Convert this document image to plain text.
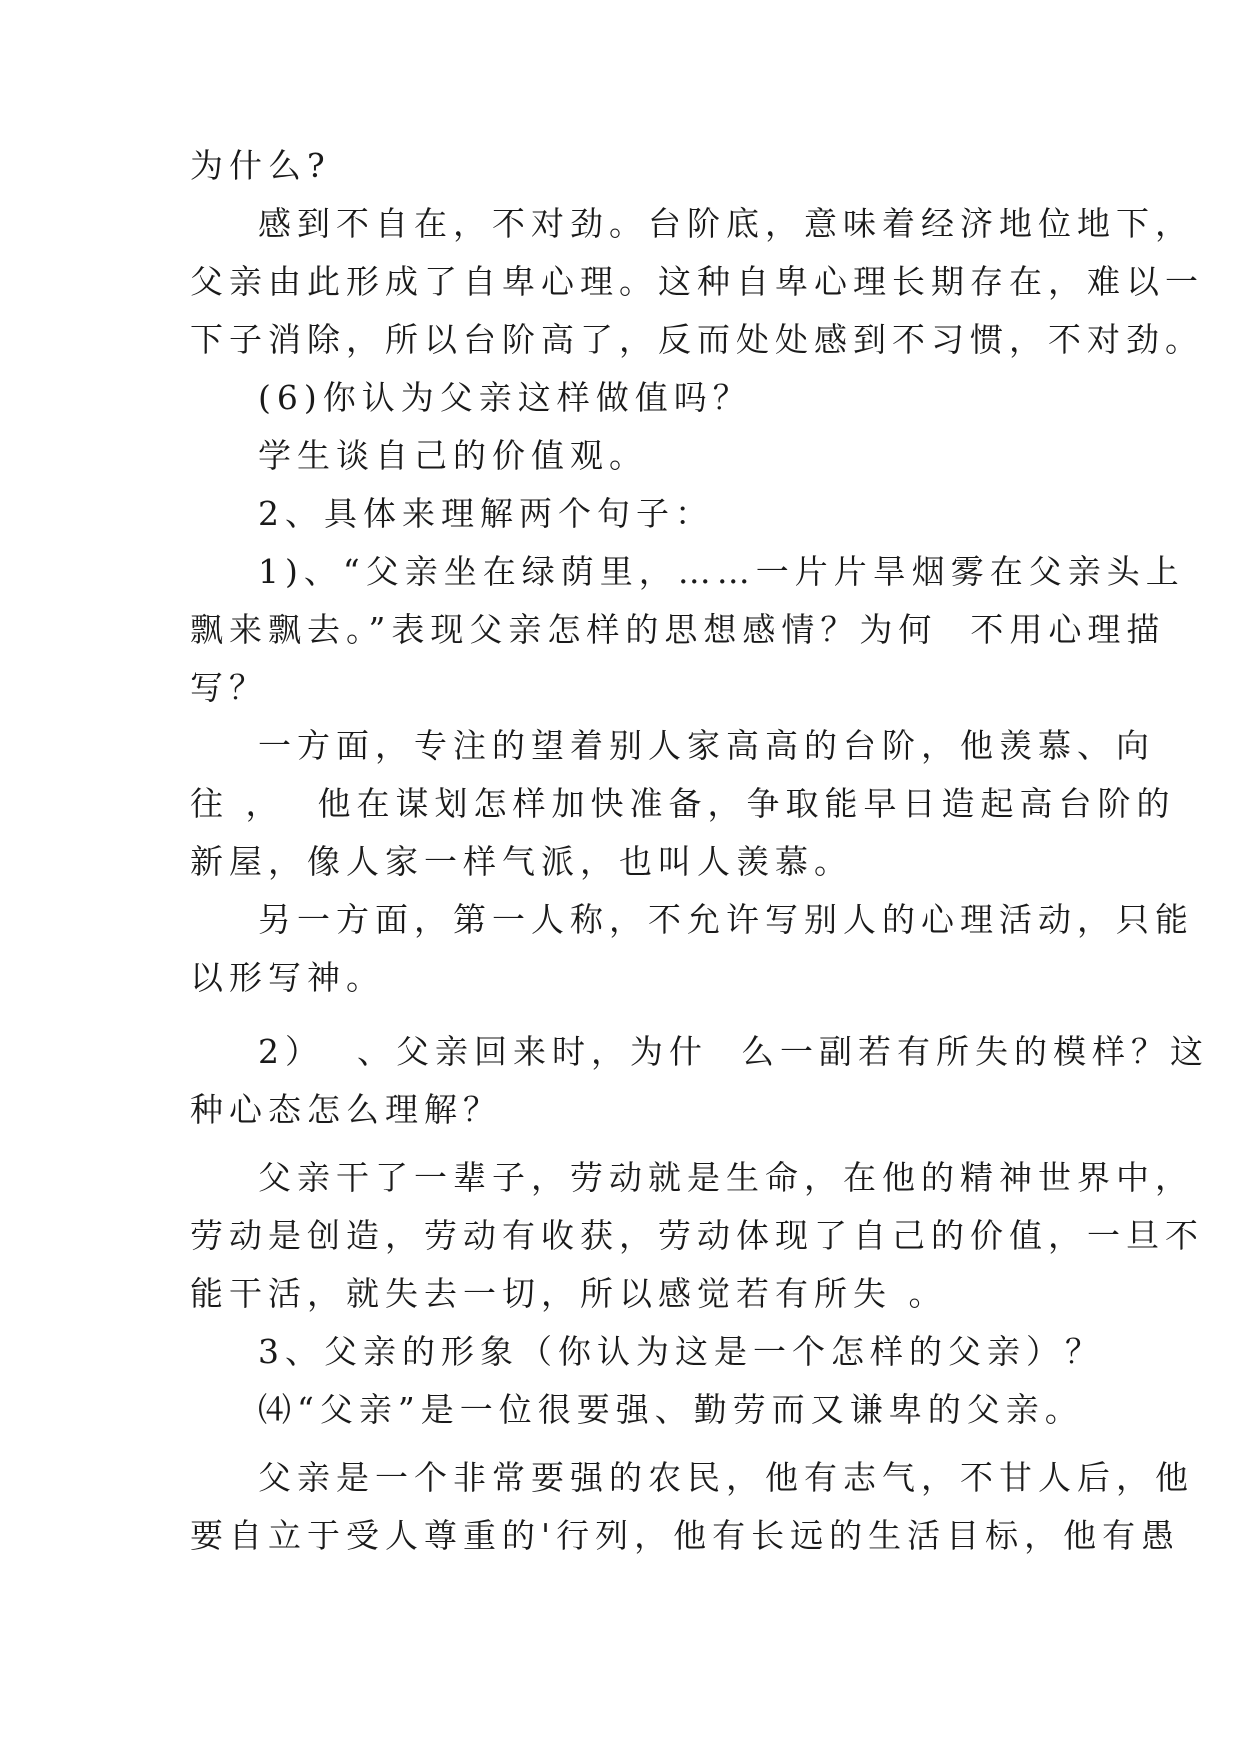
为什么?
感到不自在，不对劲。台阶底，意味着经济地位地下，
父亲由此形成了自卑心理。这种自卑心理长期存在，难以一
下子消除，所以台阶高了，反而处处感到不习惯，不对劲。
(6)你认为父亲这样做值吗？
学生谈自己的价值观。
2、具体来理解两个句子：
1)、“父亲坐在绿荫里，……一片片旱烟雾在父亲头上
飘来飘去。”表现父亲怎样的思想感情？为何  不用心理描
写？
一方面，专注的望着别人家高高的台阶，他羡慕、向
往 ，  他在谋划怎样加快准备，争取能早日造起高台阶的
新屋，像人家一样气派，也叫人羡慕。
另一方面，第一人称，不允许写别人的心理活动，只能
以形写神。
2）  、父亲回来时，为什  么一副若有所失的模样？这
种心态怎么理解？
父亲干了一辈子，劳动就是生命，在他的精神世界中，
劳动是创造，劳动有收获，劳动体现了自己的价值，一旦不
能干活，就失去一切，所以感觉若有所失 。
3、父亲的形象（你认为这是一个怎样的父亲）？
⑷“父亲”是一位很要强、勤劳而又谦卑的父亲。
父亲是一个非常要强的农民，他有志气，不甘人后，他
要自立于受人尊重的'行列，他有长远的生活目标，他有愚
